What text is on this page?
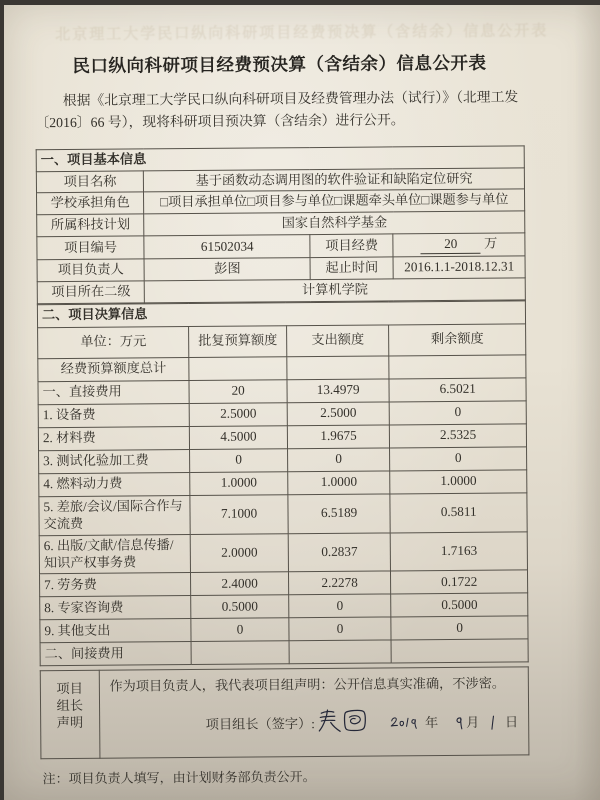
北京理工大学民口纵向科研项目经费预决算（含结余）信息公开表
民口纵向科研项目经费预决算（含结余）信息公开表

根据《北京理工大学民口纵向科研项目及经费管理办法（试行）》（北理工发
〔2016〕66 号），现将科研项目预决算（含结余）进行公开。

一、项目基本信息			
项目名称	基于函数动态调用图的软件验证和缺陷定位研究		
学校承担角色	□项目承担单位□项目参与单位□课题牵头单位□课题参与单位		
所属科技计划	国家自然科学基金		
项目编号	61502034	项目经费	20 万
项目负责人	彭图	起止时间	2016.1.1-2018.12.31
项目所在二级	计算机学院		
二、项目决算信息			
单位：万元	批复预算额度	支出额度	剩余额度
经费预算额度总计			
一、直接费用	20	13.4979	6.5021
1. 设备费	2.5000	2.5000	0
2. 材料费	4.5000	1.9675	2.5325
3. 测试化验加工费	0	0	0
4. 燃料动力费	1.0000	1.0000	1.0000
5. 差旅/会议/国际合作与交流费	7.1000	6.5189	0.5811
6. 出版/文献/信息传播/知识产权事务费	2.0000	0.2837	1.7163
7. 劳务费	2.4000	2.2278	0.1722
8. 专家咨询费	0.5000	0	0.5000
9. 其他支出	0	0	0
二、间接费用			
项目
组长
声明

作为项目负责人，我代表项目组声明：公开信息真实准确，不涉密。
项目组长（签字）:	年 月 日

注：项目负责人填写，由计划财务部负责公开。
